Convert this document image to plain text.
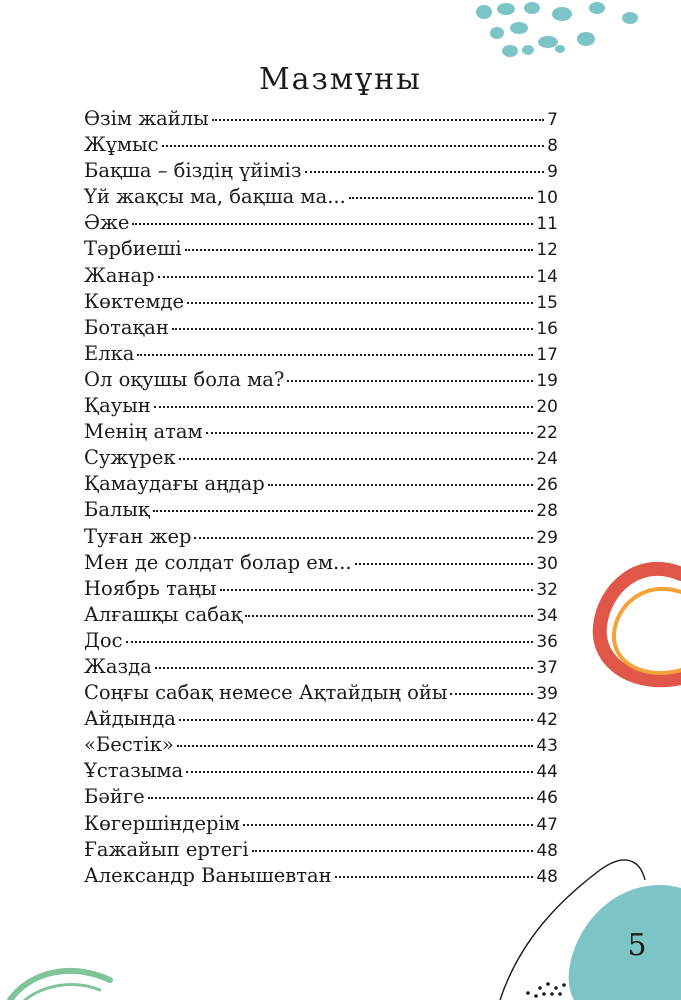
Мазмұны
Өзім жайлы	7
Жұмыс	8
Бақша – біздің үйіміз	9
Үй жақсы ма, бақша ма...	10
Әже	11
Тәрбиеші	12
Жанар	14
Көктемде	15
Ботақан	16
Елка	17
Ол оқушы бола ма?	19
Қауын	20
Менің атам	22
Сужүрек	24
Қамаудағы аңдар	26
Балық	28
Туған жер	29
Мен де солдат болар ем...	30
Ноябрь таңы	32
Алғашқы сабақ	34
Дос	36
Жазда	37
Соңғы сабақ немесе Ақтайдың ойы	39
Айдында	42
«Бестік»	43
Ұстазыма	44
Бәйге	46
Көгершіндерім	47
Ғажайып ертегі	48
Александр Ванышевтан	48
5
